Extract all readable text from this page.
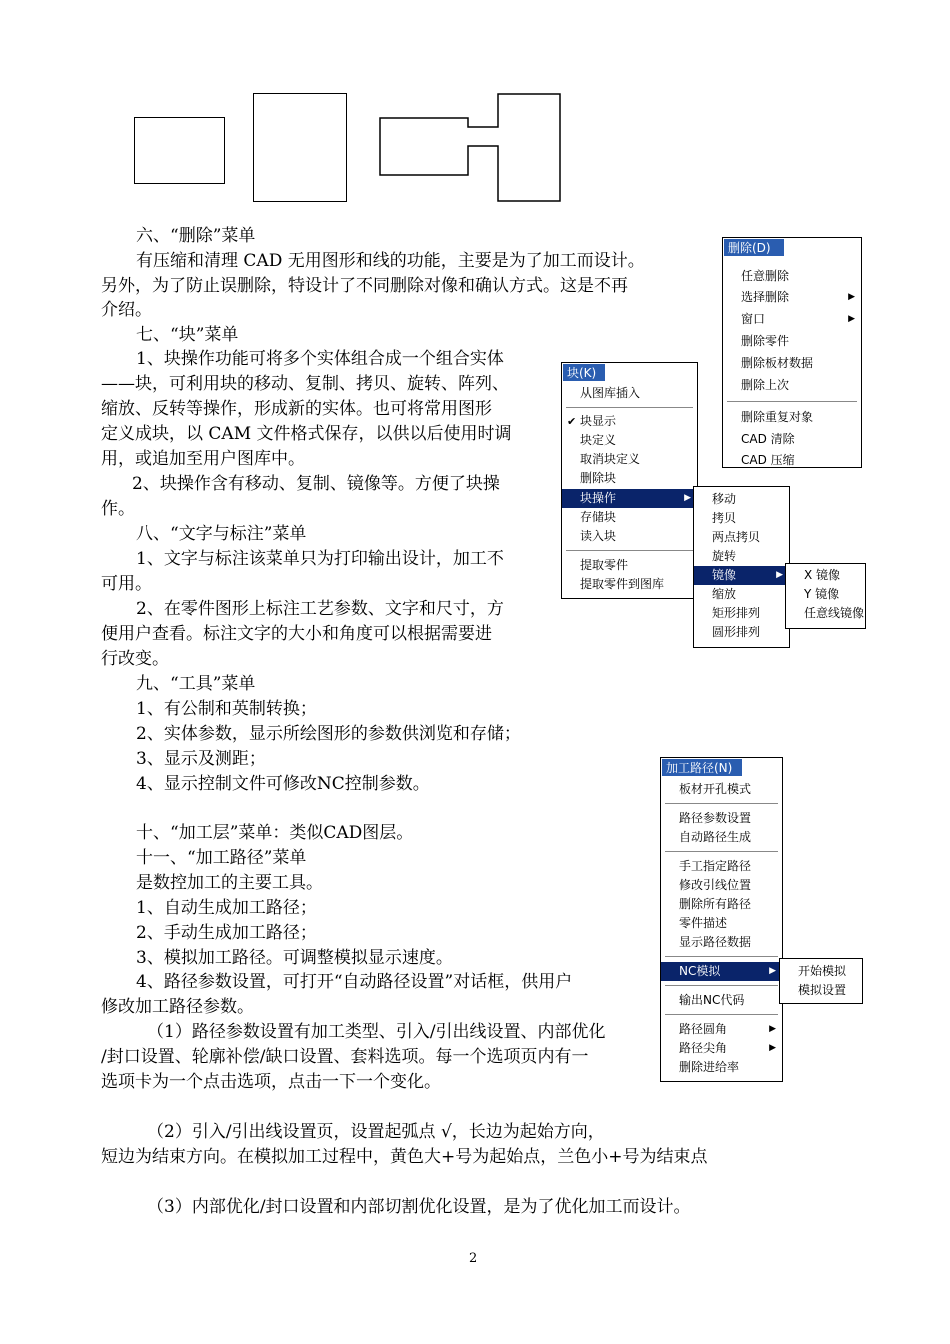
六、“删除”菜单
有压缩和清理 CAD 无用图形和线的功能，主要是为了加工而设计。
另外，为了防止误删除，特设计了不同删除对像和确认方式。这是不再
介绍。
七、“块”菜单
1、块操作功能可将多个实体组合成一个组合实体
——块，可利用块的移动、复制、拷贝、旋转、阵列、
缩放、反转等操作，形成新的实体。也可将常用图形
定义成块，以 CAM 文件格式保存，以供以后使用时调
用，或追加至用户图库中。
2、块操作含有移动、复制、镜像等。方便了块操
作。
八、“文字与标注”菜单
1、文字与标注该菜单只为打印输出设计，加工不
可用。
2、在零件图形上标注工艺参数、文字和尺寸，方
便用户查看。标注文字的大小和角度可以根据需要进
行改变。
九、“工具”菜单
1、有公制和英制转换；
2、实体参数，显示所绘图形的参数供浏览和存储；
3、显示及测距；
4、显示控制文件可修改NC控制参数。
十、“加工层”菜单：类似CAD图层。
十一、“加工路径”菜单
是数控加工的主要工具。
1、自动生成加工路径；
2、手动生成加工路径；
3、模拟加工路径。可调整模拟显示速度。
4、路径参数设置，可打开“自动路径设置”对话框，供用户
修改加工路径参数。
（1）路径参数设置有加工类型、引入/引出线设置、内部优化
/封口设置、轮廓补偿/缺口设置、套料选项。每一个选项页内有一
选项卡为一个点击选项，点击一下一个变化。
（2）引入/引出线设置页，设置起弧点 √，长边为起始方向，
短边为结束方向。在模拟加工过程中，黄色大+号为起始点，兰色小+号为结束点
（3）内部优化/封口设置和内部切割优化设置，是为了优化加工而设计。
删除(D)
任意删除
选择删除	▶
窗口	▶
删除零件
删除板材数据
删除上次
删除重复对象
CAD 清除
CAD 压缩
块(K)
从图库插入
✔ 块显示
块定义
取消块定义
删除块
块操作	▶
存储块
读入块
提取零件
提取零件到图库
移动
拷贝
两点拷贝
旋转
镜像	▶
缩放
矩形排列
圆形排列
X 镜像
Y 镜像
任意线镜像
加工路径(N)
板材开孔模式
路径参数设置
自动路径生成
手工指定路径
修改引线位置
删除所有路径
零件描述
显示路径数据
NC模拟	▶
输出NC代码
路径圆角	▶
路径尖角	▶
删除进给率
开始模拟
模拟设置
2
